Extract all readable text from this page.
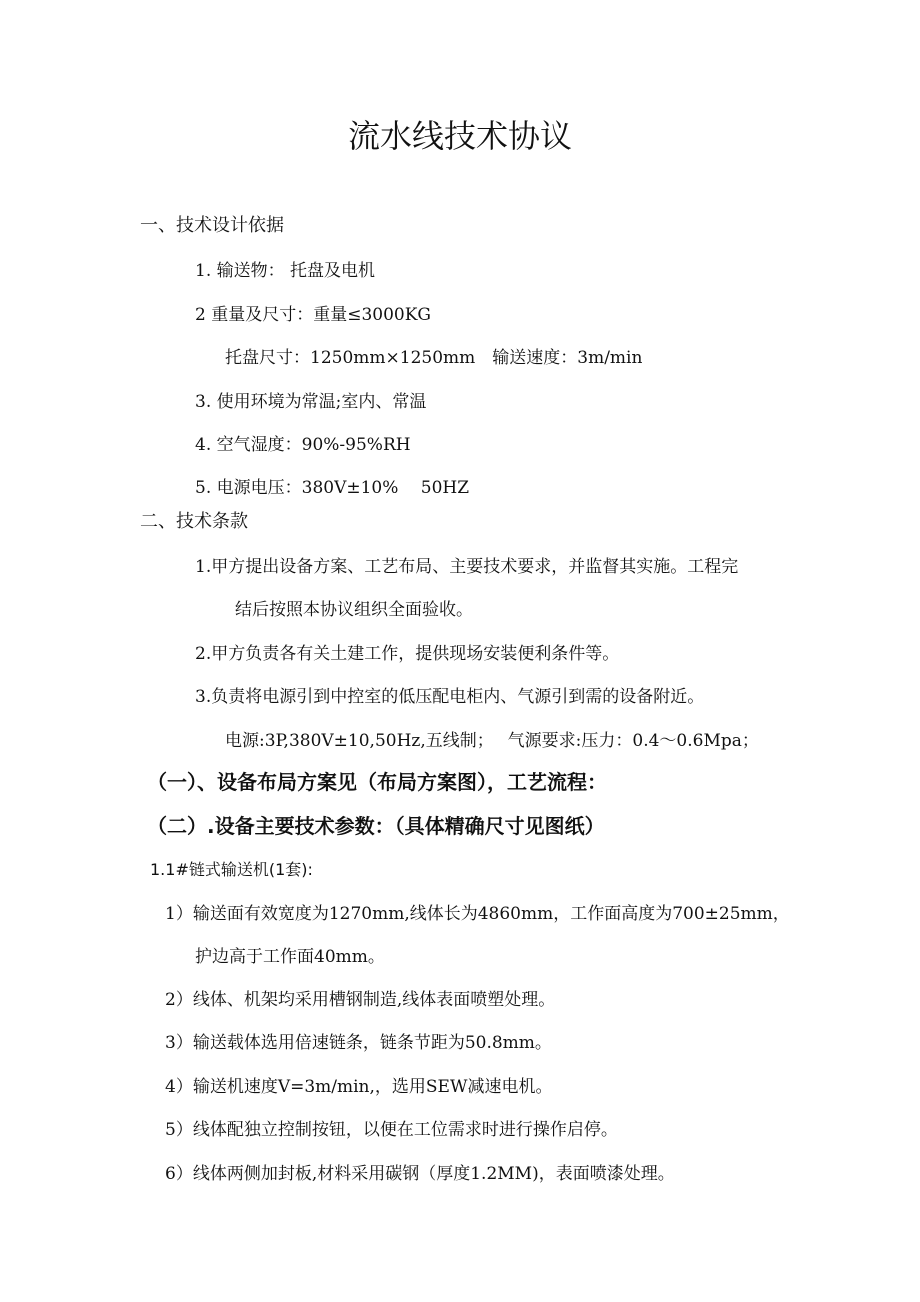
流水线技术协议
一、技术设计依据
1. 输送物： 托盘及电机
2 重量及尺寸：重量≤3000KG
托盘尺寸：1250mm×1250mm　输送速度：3m/min
3. 使用环境为常温;室内、常温
4. 空气湿度：90%-95%RH
5. 电源电压：380V±10%　 50HZ
二、技术条款
1.甲方提出设备方案、工艺布局、主要技术要求，并监督其实施。工程完
结后按照本协议组织全面验收。
2.甲方负责各有关土建工作，提供现场安装便利条件等。
3.负责将电源引到中控室的低压配电柜内、气源引到需的设备附近。
电源:3P,380V±10,50Hz,五线制；　 气源要求:压力：0.4～0.6Mpa；
（一）、设备布局方案见（布局方案图），工艺流程：
（二）.设备主要技术参数：（具体精确尺寸见图纸）
1.1#链式输送机(1套):
1）输送面有效宽度为1270mm,线体长为4860mm，工作面高度为700±25mm，
护边高于工作面40mm。
2）线体、机架均采用槽钢制造,线体表面喷塑处理。
3）输送载体选用倍速链条，链条节距为50.8mm。
4）输送机速度V=3m/min,，选用SEW减速电机。
5）线体配独立控制按钮，以便在工位需求时进行操作启停。
6）线体两侧加封板,材料采用碳钢（厚度1.2MM)，表面喷漆处理。
